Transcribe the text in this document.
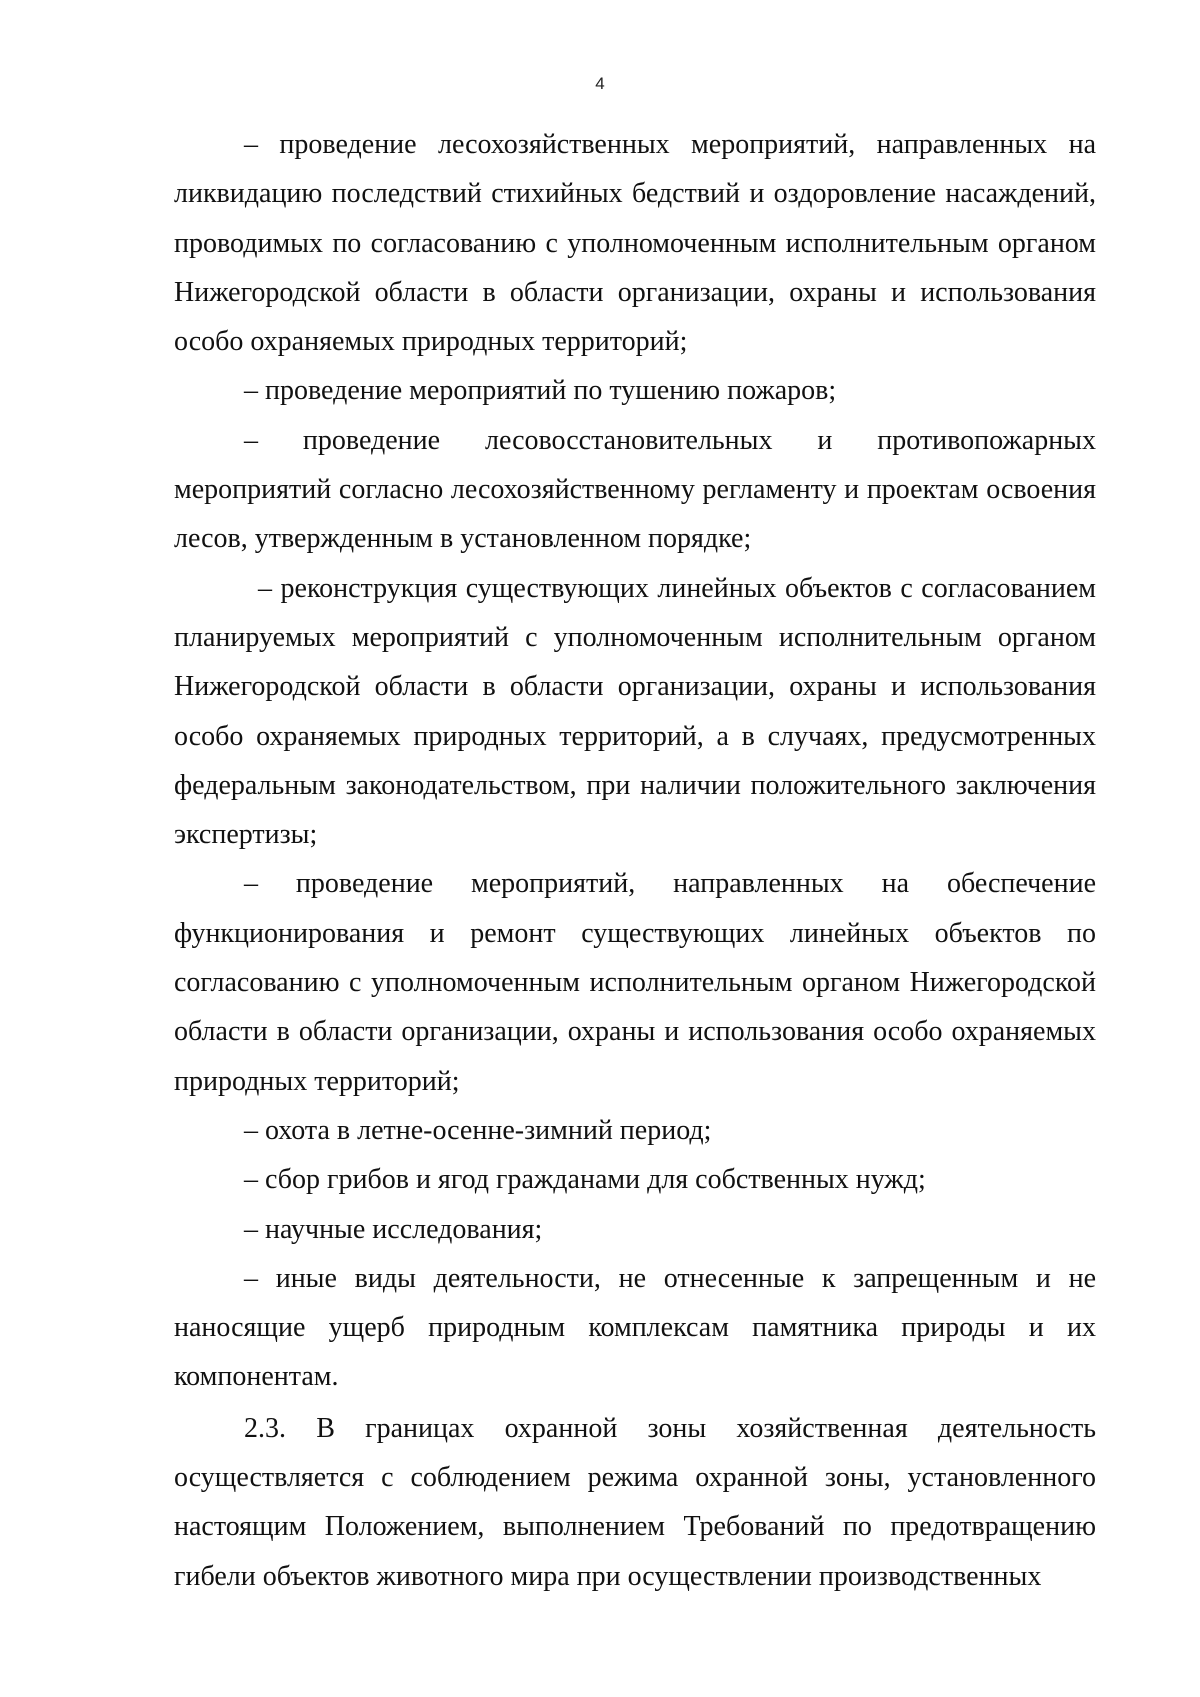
4

– проведение лесохозяйственных мероприятий, направленных на ликвидацию последствий стихийных бедствий и оздоровление насаждений, проводимых по согласованию с уполномоченным исполнительным органом Нижегородской области в области организации, охраны и использования особо охраняемых природных территорий;

– проведение мероприятий по тушению пожаров;

– проведение лесовосстановительных и противопожарных мероприятий согласно лесохозяйственному регламенту и проектам освоения лесов, утвержденным в установленном порядке;

– реконструкция существующих линейных объектов с согласованием планируемых мероприятий с уполномоченным исполнительным органом Нижегородской области в области организации, охраны и использования особо охраняемых природных территорий, а в случаях, предусмотренных федеральным законодательством, при наличии положительного заключения экспертизы;

– проведение мероприятий, направленных на обеспечение функционирования и ремонт существующих линейных объектов по согласованию с уполномоченным исполнительным органом Нижегородской области в области организации, охраны и использования особо охраняемых природных территорий;

– охота в летне-осенне-зимний период;

– сбор грибов и ягод гражданами для собственных нужд;

– научные исследования;

– иные виды деятельности, не отнесенные к запрещенным и не наносящие ущерб природным комплексам памятника природы и их компонентам.

2.3. В границах охранной зоны хозяйственная деятельность осуществляется с соблюдением режима охранной зоны, установленного настоящим Положением, выполнением Требований по предотвращению гибели объектов животного мира при осуществлении производственных
